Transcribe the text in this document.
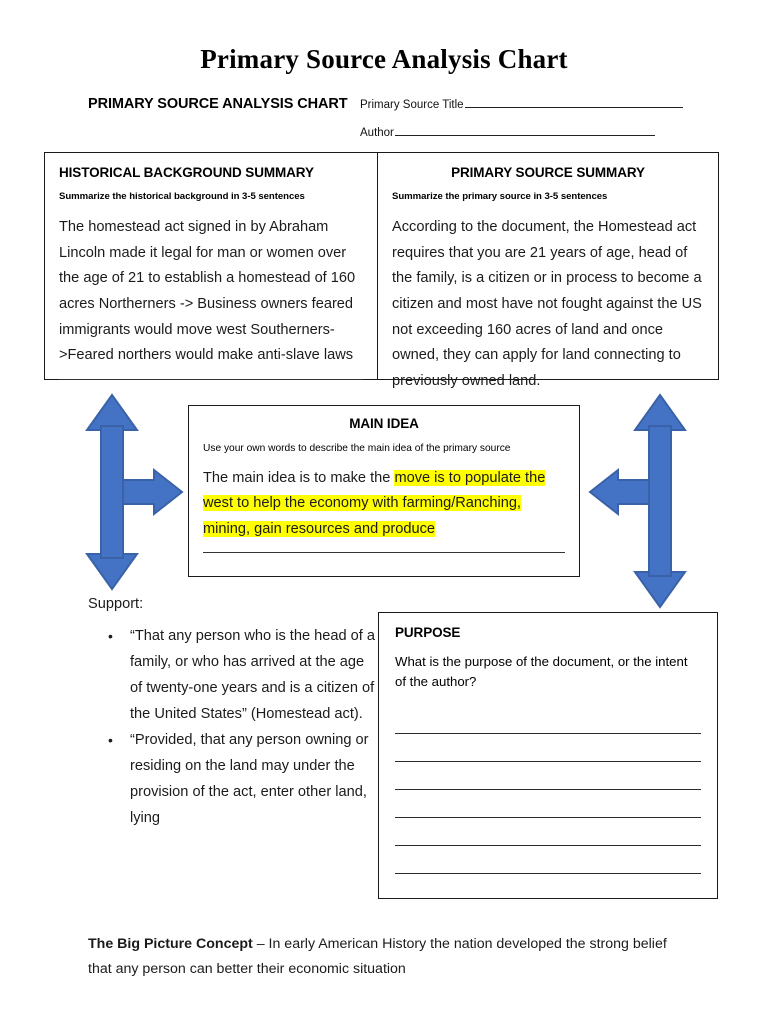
Primary Source Analysis Chart
PRIMARY SOURCE ANALYSIS CHART Primary Source Title
Author
HISTORICAL BACKGROUND SUMMARY
Summarize the historical background in 3-5 sentences
The homestead act signed in by Abraham Lincoln made it legal for man or women over the age of 21 to establish a homestead of 160 acres Northerners -> Business owners feared immigrants would move west Southerners->Feared northers would make anti-slave laws
PRIMARY SOURCE SUMMARY
Summarize the primary source in 3-5 sentences
According to the document, the Homestead act requires that you are 21 years of age, head of the family, is a citizen or in process to become a citizen and most have not fought against the US not exceeding 160 acres of land and once owned, they can apply for land connecting to previously owned land.
MAIN IDEA
Use your own words to describe the main idea of the primary source
The main idea is to make the move is to populate the west to help the economy with farming/Ranching, mining, gain resources and produce
Support:
• “That any person who is the head of a family, or who has arrived at the age of twenty-one years and is a citizen of the United States” (Homestead act).
• “Provided, that any person owning or residing on the land may under the provision of the act, enter other land, lying
PURPOSE
What is the purpose of the document, or the intent of the author?
The Big Picture Concept – In early American History the nation developed the strong belief that any person can better their economic situation
